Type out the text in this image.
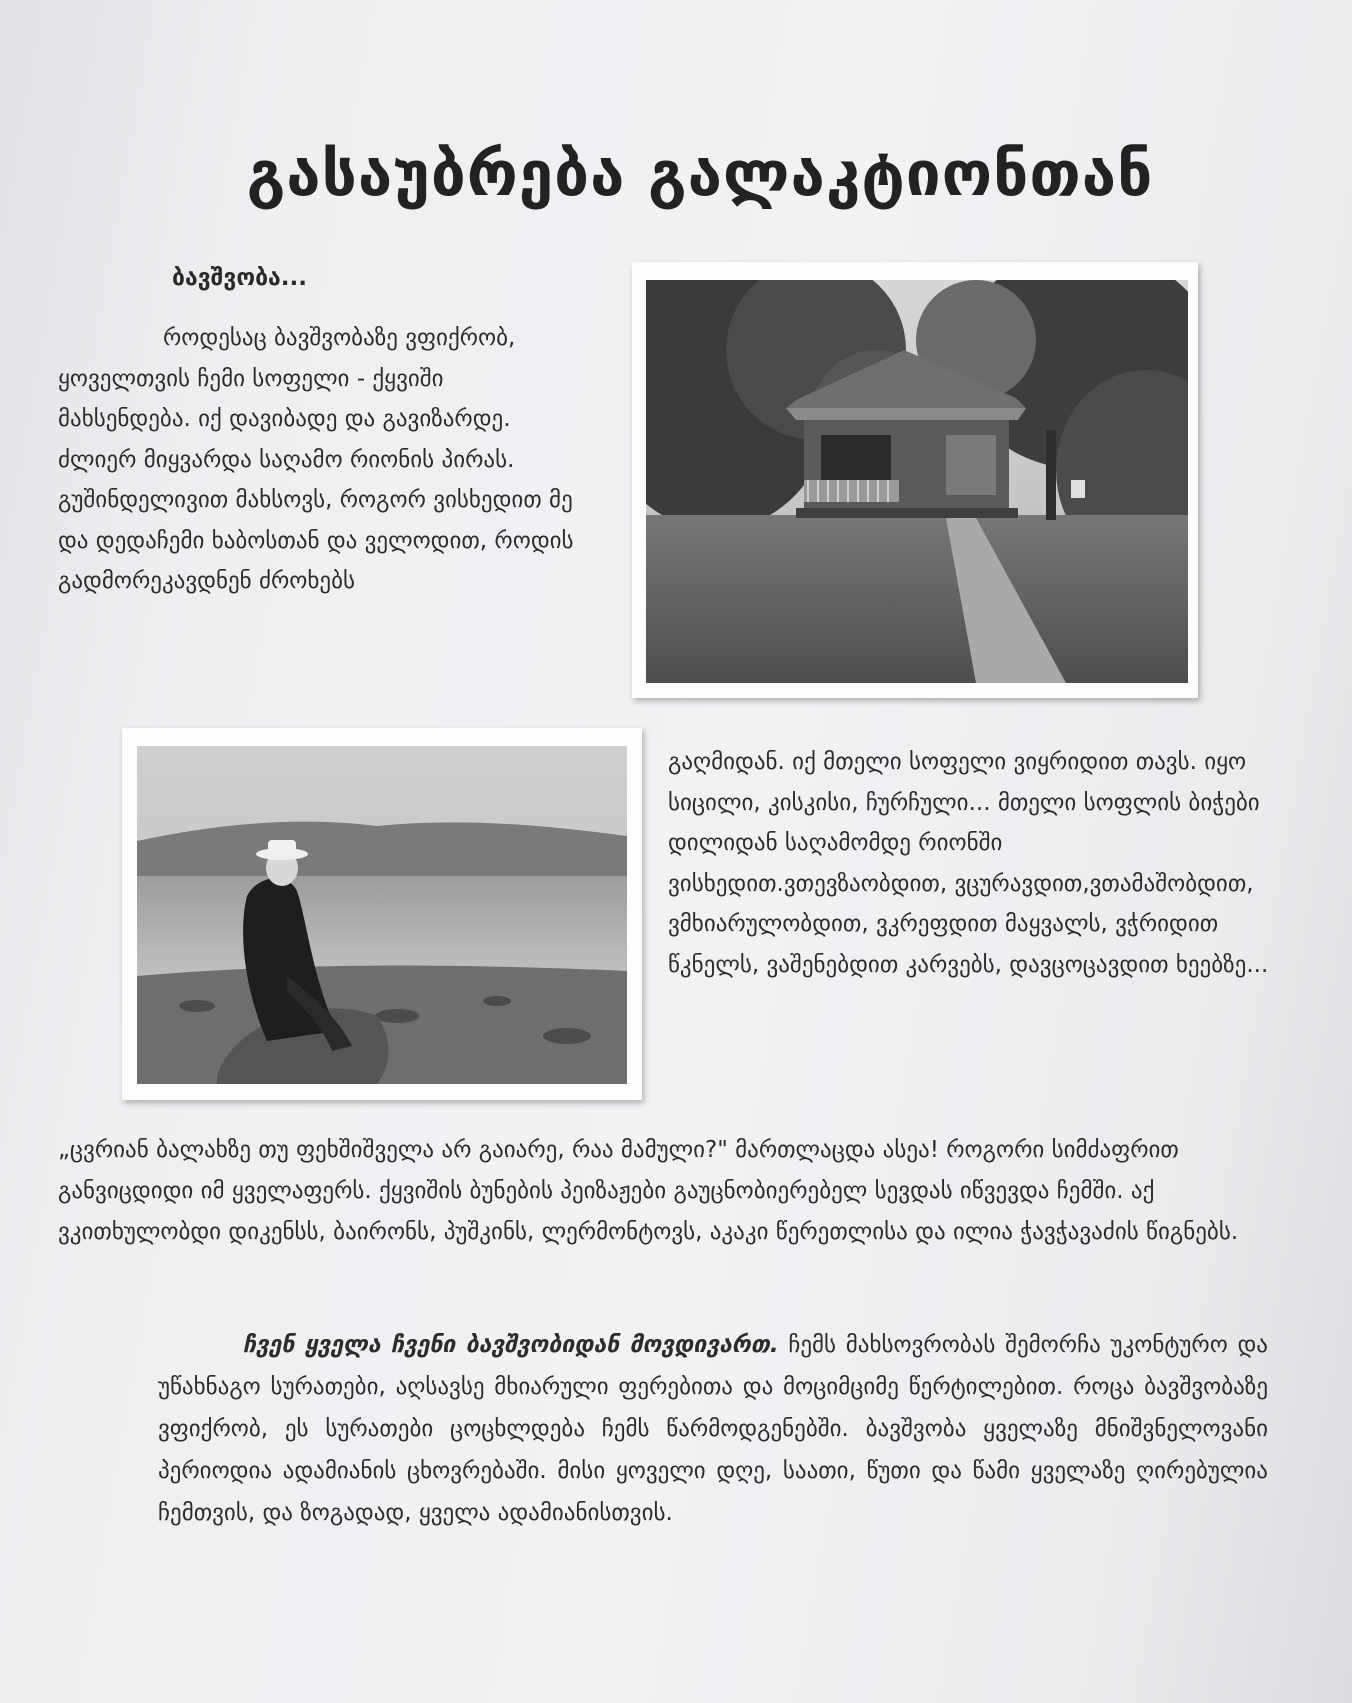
გასაუბრება გალაკტიონთან
ბავშვობა...

როდესაც ბავშვობაზე ვფიქრობ, ყოველთვის ჩემი სოფელი - ქყვიში მახსენდება. იქ დავიბადე და გავიზარდე. ძლიერ მიყვარდა საღამო რიონის პირას. გუშინდელივით მახსოვს, როგორ ვისხედით მე და დედაჩემი ხაბოსთან და ველოდით, როდის გადმორეკავდნენ ძროხებს

გაღმიდან. იქ მთელი სოფელი ვიყრიდით თავს. იყო სიცილი, კისკისი, ჩურჩული... მთელი სოფლის ბიჭები დილიდან საღამომდე რიონში ვისხედით.ვთევზაობდით, ვცურავდით,ვთამაშობდით, ვმხიარულობდით, ვკრეფდით მაყვალს, ვჭრიდით წკნელს, ვაშენებდით კარვებს, დავცოცავდით ხეებზე...

„ცვრიან ბალახზე თუ ფეხშიშველა არ გაიარე, რაა მამული?" მართლაცდა ასეა! როგორი სიმძაფრით განვიცდიდი იმ ყველაფერს. ქყვიშის ბუნების პეიზაჟები გაუცნობიერებელ სევდას იწვევდა ჩემში. აქ ვკითხულობდი დიკენსს, ბაირონს, პუშკინს, ლერმონტოვს, აკაკი წერეთლისა და ილია ჭავჭავაძის წიგნებს.

ჩვენ ყველა ჩვენი ბავშვობიდან მოვდივართ. ჩემს მახსოვრობას შემორჩა უკონტურო და უწახნაგო სურათები, აღსავსე მხიარული ფერებითა და მოციმციმე წერტილებით. როცა ბავშვობაზე ვფიქრობ, ეს სურათები ცოცხლდება ჩემს წარმოდგენებში. ბავშვობა ყველაზე მნიშვნელოვანი პერიოდია ადამიანის ცხოვრებაში. მისი ყოველი დღე, საათი, წუთი და წამი ყველაზე ღირებულია ჩემთვის, და ზოგადად, ყველა ადამიანისთვის.
